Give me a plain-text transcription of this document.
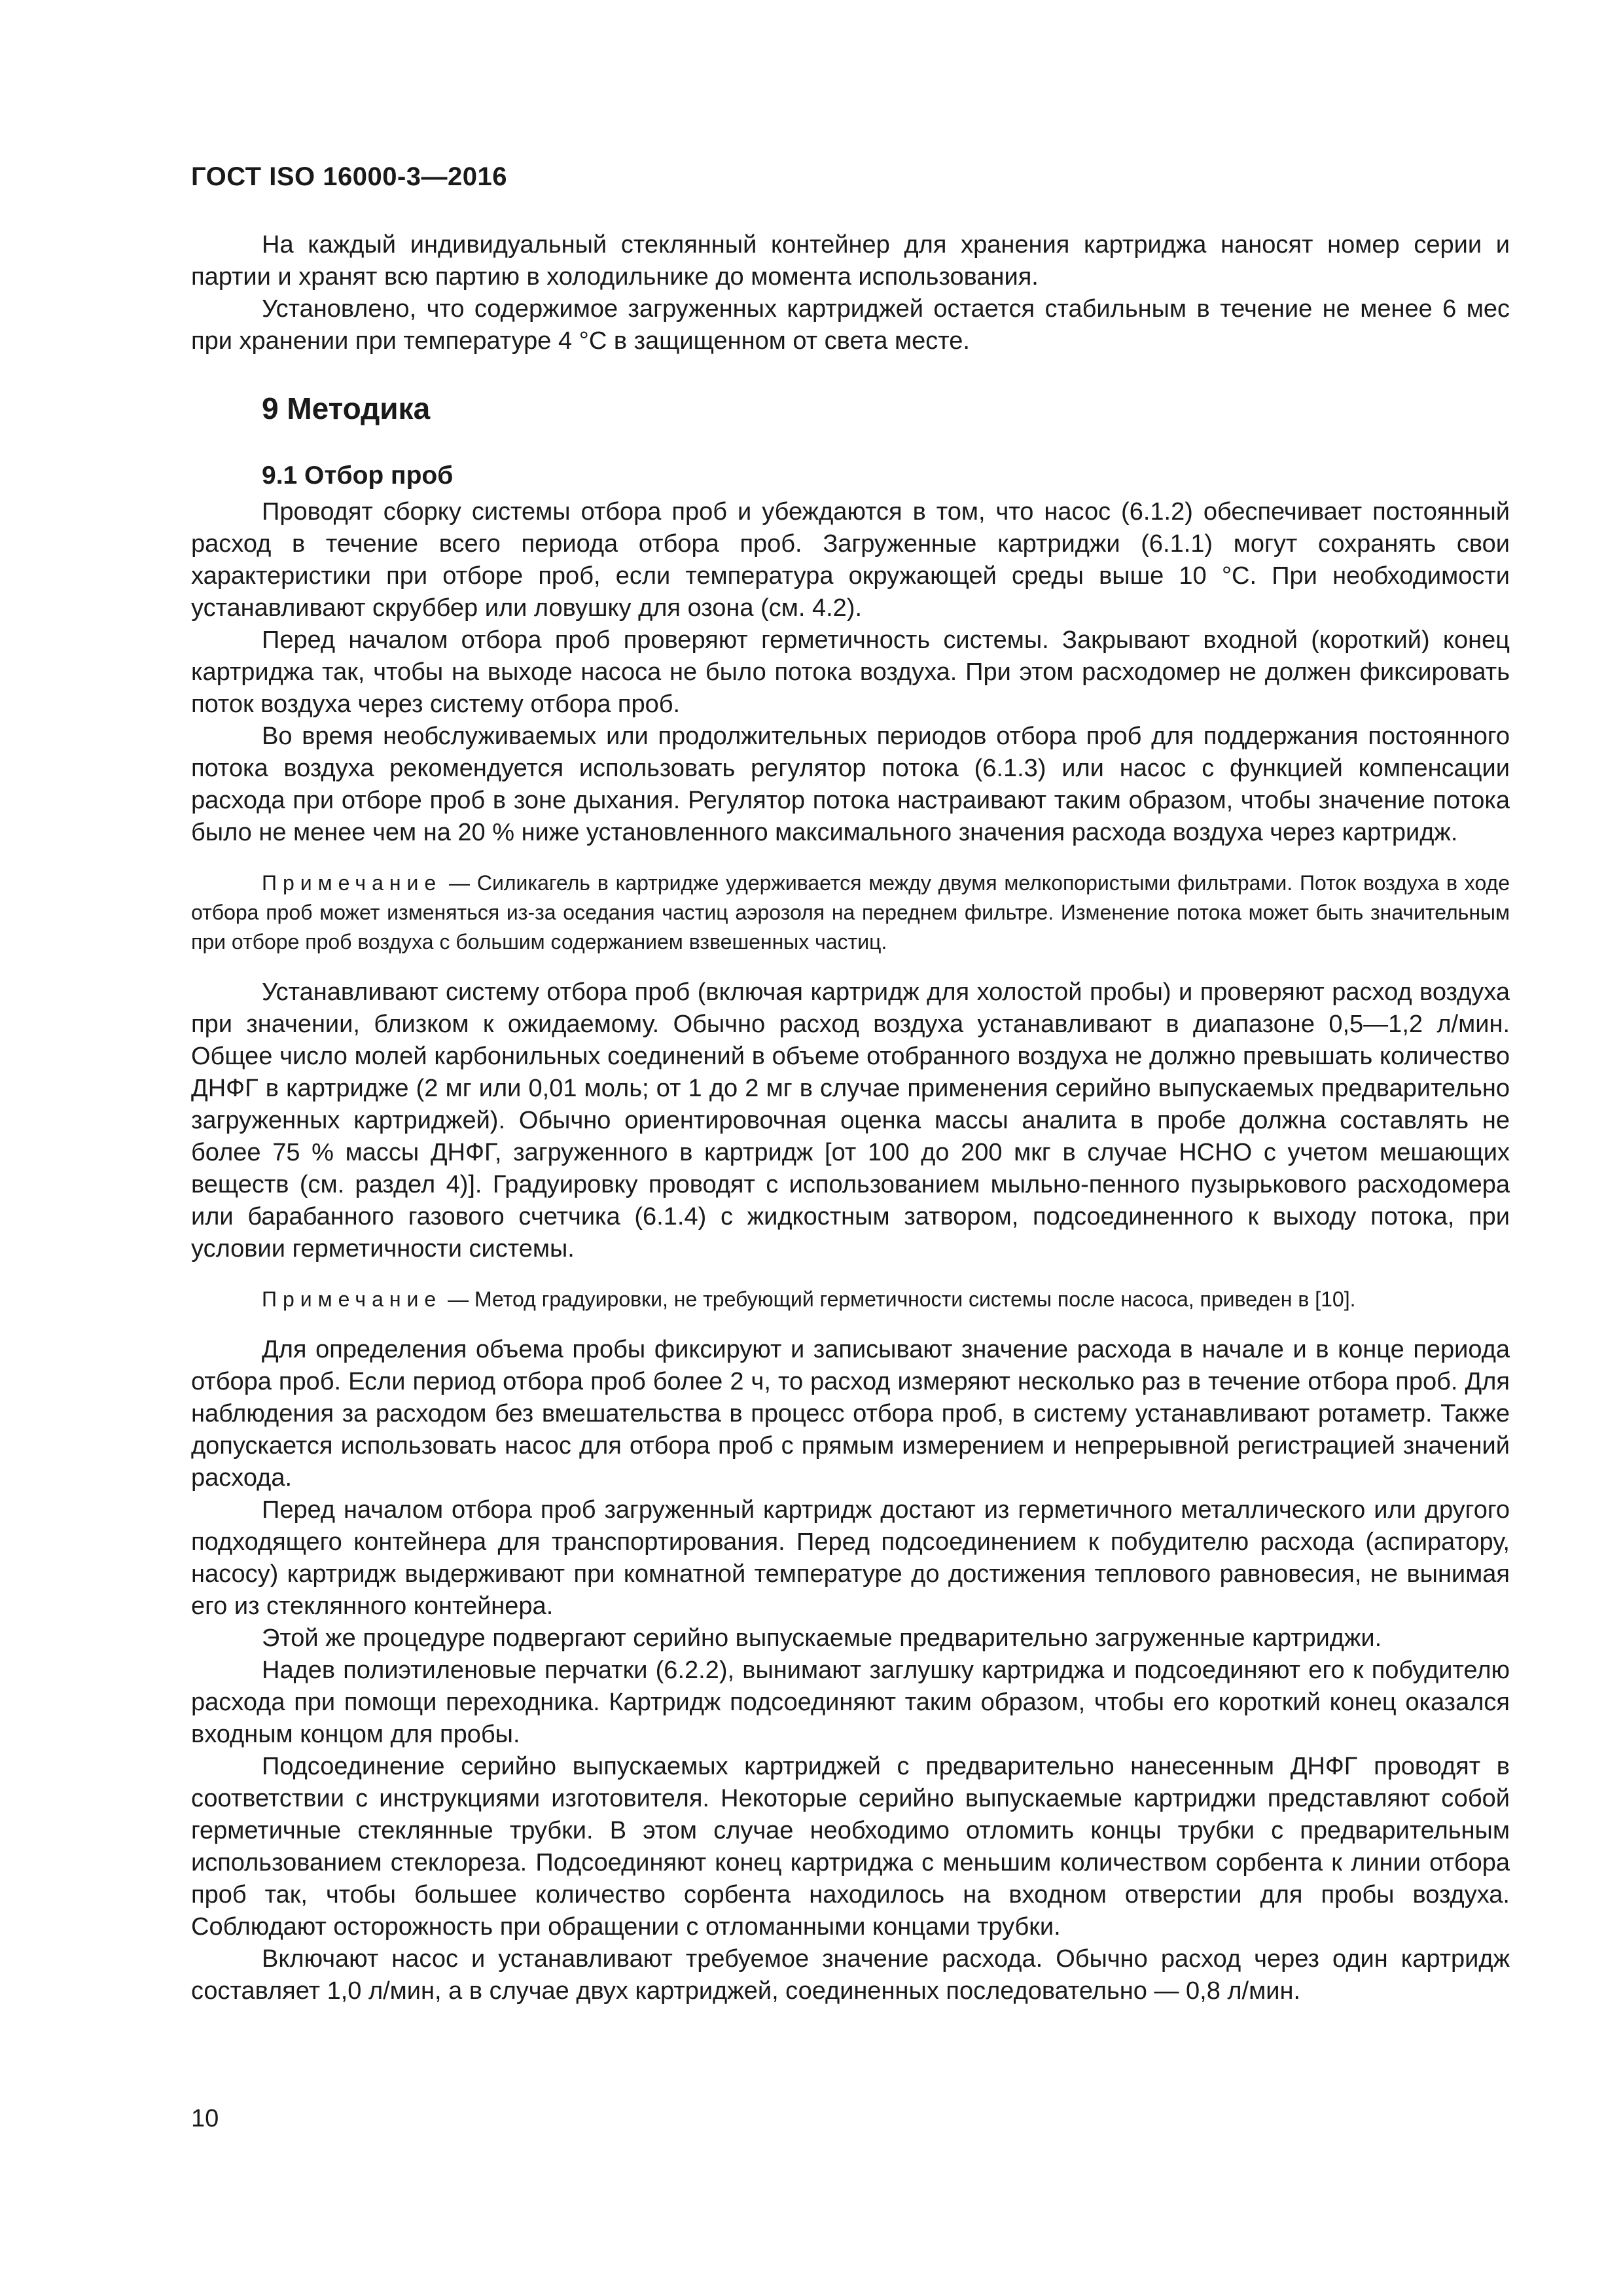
ГОСТ ISO 16000-3—2016

На каждый индивидуальный стеклянный контейнер для хранения картриджа наносят номер серии и партии и хранят всю партию в холодильнике до момента использования.

Установлено, что содержимое загруженных картриджей остается стабильным в течение не менее 6 мес при хранении при температуре 4 °С в защищенном от света месте.

9 Методика
9.1 Отбор проб

Проводят сборку системы отбора проб и убеждаются в том, что насос (6.1.2) обеспечивает постоянный расход в течение всего периода отбора проб. Загруженные картриджи (6.1.1) могут сохранять свои характеристики при отборе проб, если температура окружающей среды выше 10 °С. При необходимости устанавливают скруббер или ловушку для озона (см. 4.2).

Перед началом отбора проб проверяют герметичность системы. Закрывают входной (короткий) конец картриджа так, чтобы на выходе насоса не было потока воздуха. При этом расходомер не должен фиксировать поток воздуха через систему отбора проб.

Во время необслуживаемых или продолжительных периодов отбора проб для поддержания постоянного потока воздуха рекомендуется использовать регулятор потока (6.1.3) или насос с функцией компенсации расхода при отборе проб в зоне дыхания. Регулятор потока настраивают таким образом, чтобы значение потока было не менее чем на 20 % ниже установленного максимального значения расхода воздуха через картридж.

Примечание — Силикагель в картридже удерживается между двумя мелкопористыми фильтрами. Поток воздуха в ходе отбора проб может изменяться из-за оседания частиц аэрозоля на переднем фильтре. Изменение потока может быть значительным при отборе проб воздуха с большим содержанием взвешенных частиц.

Устанавливают систему отбора проб (включая картридж для холостой пробы) и проверяют расход воздуха при значении, близком к ожидаемому. Обычно расход воздуха устанавливают в диапазоне 0,5—1,2 л/мин. Общее число молей карбонильных соединений в объеме отобранного воздуха не должно превышать количество ДНФГ в картридже (2 мг или 0,01 моль; от 1 до 2 мг в случае применения серийно выпускаемых предварительно загруженных картриджей). Обычно ориентировочная оценка массы аналита в пробе должна составлять не более 75 % массы ДНФГ, загруженного в картридж [от 100 до 200 мкг в случае НСНО с учетом мешающих веществ (см. раздел 4)]. Градуировку проводят с использованием мыльно-пенного пузырькового расходомера или барабанного газового счетчика (6.1.4) с жидкостным затвором, подсоединенного к выходу потока, при условии герметичности системы.

Примечание — Метод градуировки, не требующий герметичности системы после насоса, приведен в [10].

Для определения объема пробы фиксируют и записывают значение расхода в начале и в конце периода отбора проб. Если период отбора проб более 2 ч, то расход измеряют несколько раз в течение отбора проб. Для наблюдения за расходом без вмешательства в процесс отбора проб, в систему устанавливают ротаметр. Также допускается использовать насос для отбора проб с прямым измерением и непрерывной регистрацией значений расхода.

Перед началом отбора проб загруженный картридж достают из герметичного металлического или другого подходящего контейнера для транспортирования. Перед подсоединением к побудителю расхода (аспиратору, насосу) картридж выдерживают при комнатной температуре до достижения теплового равновесия, не вынимая его из стеклянного контейнера.

Этой же процедуре подвергают серийно выпускаемые предварительно загруженные картриджи.

Надев полиэтиленовые перчатки (6.2.2), вынимают заглушку картриджа и подсоединяют его к побудителю расхода при помощи переходника. Картридж подсоединяют таким образом, чтобы его короткий конец оказался входным концом для пробы.

Подсоединение серийно выпускаемых картриджей с предварительно нанесенным ДНФГ проводят в соответствии с инструкциями изготовителя. Некоторые серийно выпускаемые картриджи представляют собой герметичные стеклянные трубки. В этом случае необходимо отломить концы трубки с предварительным использованием стеклореза. Подсоединяют конец картриджа с меньшим количеством сорбента к линии отбора проб так, чтобы большее количество сорбента находилось на входном отверстии для пробы воздуха. Соблюдают осторожность при обращении с отломанными концами трубки.

Включают насос и устанавливают требуемое значение расхода. Обычно расход через один картридж составляет 1,0 л/мин, а в случае двух картриджей, соединенных последовательно — 0,8 л/мин.

10
